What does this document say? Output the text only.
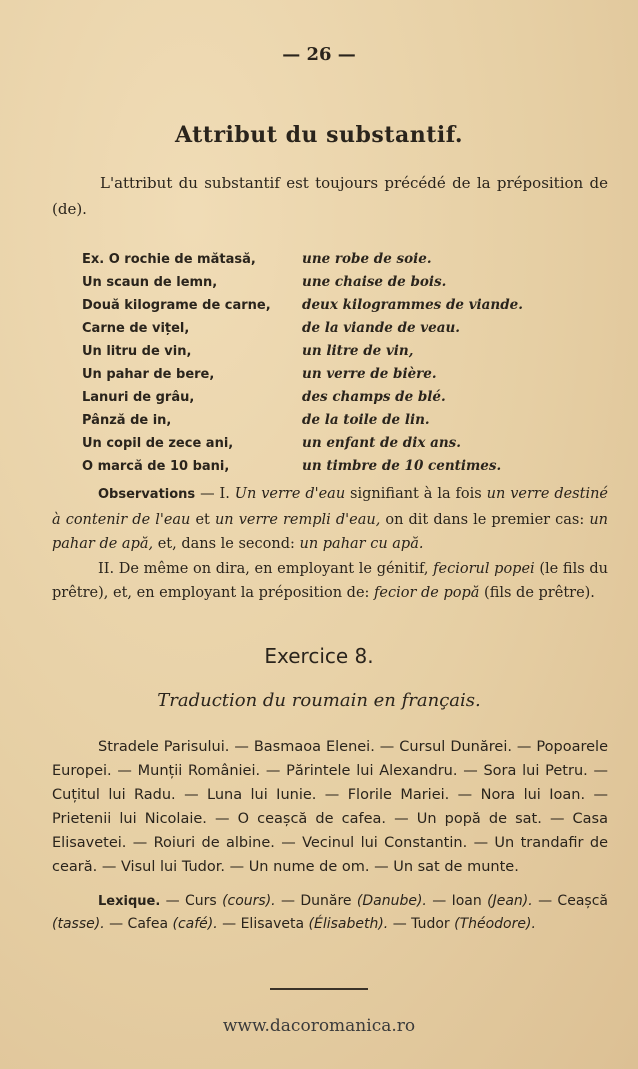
— 26 —
Attribut du substantif.
L'attribut du substantif est toujours précédé de la préposition de (de).
Ex. O rochie de mătasă,	une robe de soie.
Un scaun de lemn,	une chaise de bois.
Două kilograme de carne,	deux kilogrammes de viande.
Carne de vițel,	de la viande de veau.
Un litru de vin,	un litre de vin,
Un pahar de bere,	un verre de bière.
Lanuri de grâu,	des champs de blé.
Pânză de in,	de la toile de lin.
Un copil de zece ani,	un enfant de dix ans.
O marcă de 10 bani,	un timbre de 10 centimes.
Observations — I. Un verre d'eau signifiant à la fois un verre destiné à contenir de l'eau et un verre rempli d'eau, on dit dans le premier cas: un pahar de apă, et, dans le second: un pahar cu apă.
II. De même on dira, en employant le génitif, feciorul popei (le fils du prêtre), et, en employant la préposition de: fecior de popă (fils de prêtre).
Exercice 8.
Traduction du roumain en français.
Stradele Parisului. — Basmaoa Elenei. — Cursul Dunărei. — Popoarele Europei. — Munții României. — Părintele lui Alexandru. — Sora lui Petru. — Cuțitul lui Radu. — Luna lui Iunie. — Florile Mariei. — Nora lui Ioan. — Prietenii lui Nicolaie. — O ceașcă de cafea. — Un popă de sat. — Casa Elisavetei. — Roiuri de albine. — Vecinul lui Constantin. — Un trandafir de ceară. — Visul lui Tudor. — Un nume de om. — Un sat de munte.
Lexique. — Curs (cours). — Dunăre (Danube). — Ioan (Jean). — Ceașcă (tasse). — Cafea (café). — Elisaveta (Élisabeth). — Tudor (Théodore).
www.dacoromanica.ro
